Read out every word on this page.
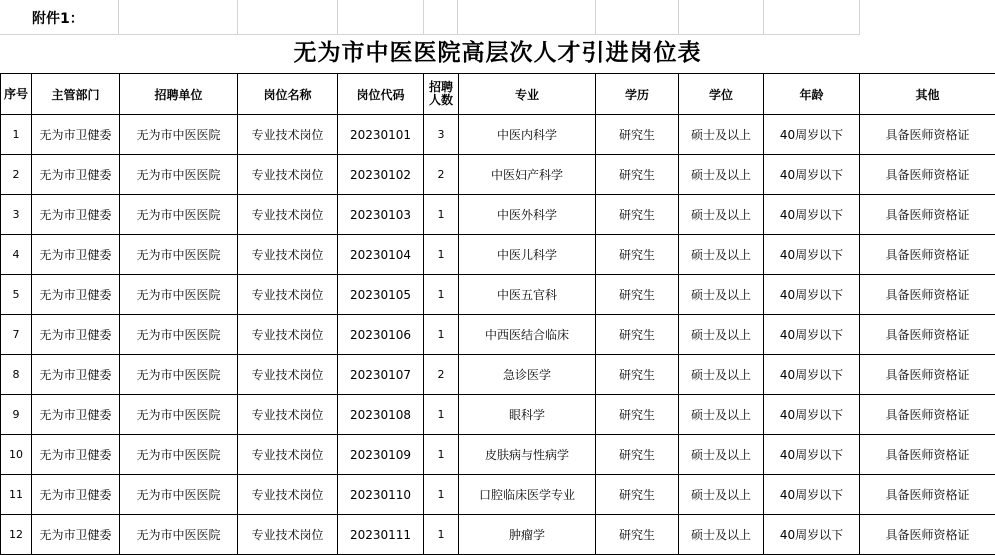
附件1：
无为市中医医院高层次人才引进岗位表
序号	主管部门	招聘单位	岗位名称	岗位代码	招聘人数	专业	学历	学位	年龄	其他
1	无为市卫健委	无为市中医医院	专业技术岗位	20230101	3	中医内科学	研究生	硕士及以上	40周岁以下	具备医师资格证
2	无为市卫健委	无为市中医医院	专业技术岗位	20230102	2	中医妇产科学	研究生	硕士及以上	40周岁以下	具备医师资格证
3	无为市卫健委	无为市中医医院	专业技术岗位	20230103	1	中医外科学	研究生	硕士及以上	40周岁以下	具备医师资格证
4	无为市卫健委	无为市中医医院	专业技术岗位	20230104	1	中医儿科学	研究生	硕士及以上	40周岁以下	具备医师资格证
5	无为市卫健委	无为市中医医院	专业技术岗位	20230105	1	中医五官科	研究生	硕士及以上	40周岁以下	具备医师资格证
7	无为市卫健委	无为市中医医院	专业技术岗位	20230106	1	中西医结合临床	研究生	硕士及以上	40周岁以下	具备医师资格证
8	无为市卫健委	无为市中医医院	专业技术岗位	20230107	2	急诊医学	研究生	硕士及以上	40周岁以下	具备医师资格证
9	无为市卫健委	无为市中医医院	专业技术岗位	20230108	1	眼科学	研究生	硕士及以上	40周岁以下	具备医师资格证
10	无为市卫健委	无为市中医医院	专业技术岗位	20230109	1	皮肤病与性病学	研究生	硕士及以上	40周岁以下	具备医师资格证
11	无为市卫健委	无为市中医医院	专业技术岗位	20230110	1	口腔临床医学专业	研究生	硕士及以上	40周岁以下	具备医师资格证
12	无为市卫健委	无为市中医医院	专业技术岗位	20230111	1	肿瘤学	研究生	硕士及以上	40周岁以下	具备医师资格证
